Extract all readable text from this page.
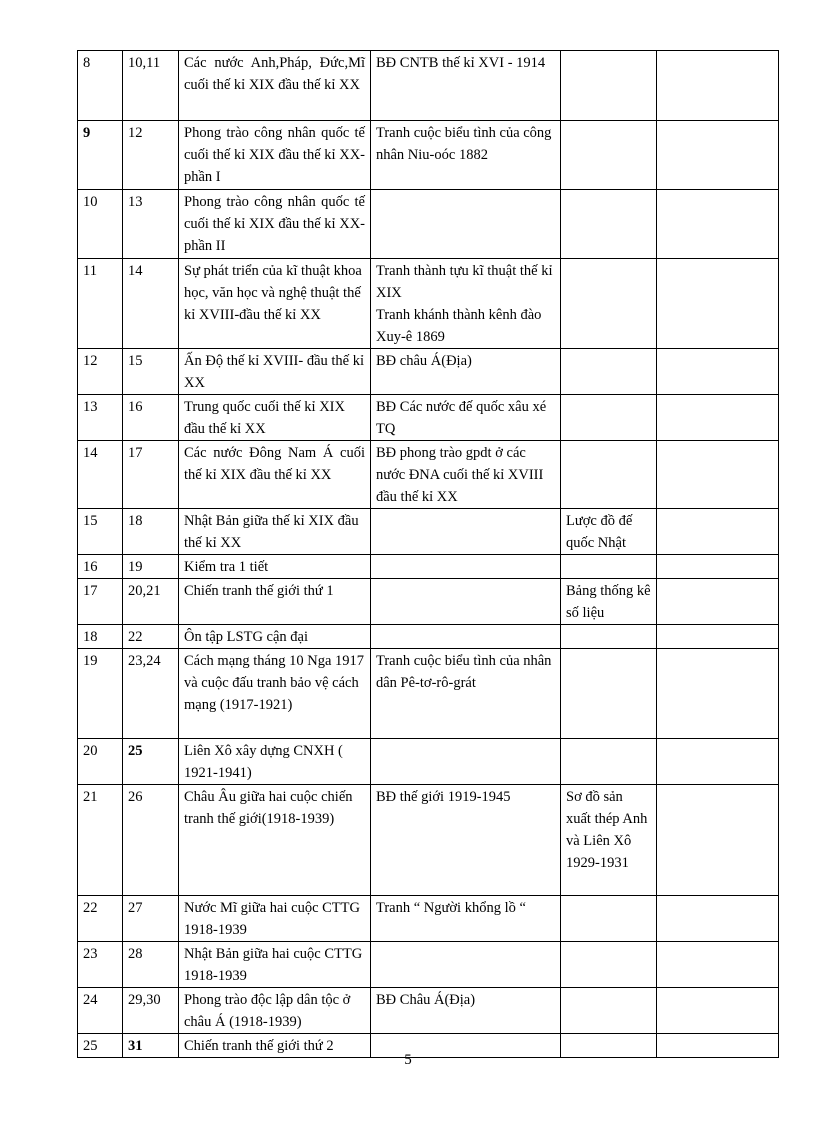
8	10,11	Các nước Anh,Pháp, Đức,Mĩ cuối thế kỉ XIX đầu thế kỉ XX	BĐ CNTB thế kỉ XVI - 1914		
9	12	Phong trào công nhân quốc tế cuối thế kỉ XIX đầu thế kỉ XX-phần I	Tranh cuộc biểu tình của công nhân Niu-oóc 1882		
10	13	Phong trào công nhân quốc tế cuối thế kỉ XIX đầu thế kỉ XX-phần II			
11	14	Sự phát triển của kĩ thuật khoa học, văn học và nghệ thuật thế kỉ XVIII-đầu thế kỉ XX	Tranh thành tựu kĩ thuật thế kỉ XIX
Tranh khánh thành kênh đào Xuy-ê 1869		
12	15	Ấn Độ thế kỉ XVIII- đầu thế kỉ XX	BĐ châu Á(Địa)		
13	16	Trung quốc cuối thế kỉ XIX đầu thế kỉ XX	BĐ Các nước đế quốc xâu xé TQ		
14	17	Các nước Đông Nam Á cuối thế kỉ XIX đầu thế kỉ XX	BĐ phong trào gpdt ở các nước ĐNA cuối thế kỉ XVIII đầu thế kỉ XX		
15	18	Nhật Bản giữa thế kỉ XIX đầu thế kỉ XX		Lược đồ đế quốc Nhật	
16	19	Kiểm tra 1 tiết			
17	20,21	Chiến tranh thế giới thứ 1		Bảng thống kê số liệu	
18	22	Ôn tập LSTG cận đại			
19	23,24	Cách mạng tháng 10 Nga 1917 và cuộc đấu tranh bảo vệ cách mạng (1917-1921)	Tranh cuộc biểu tình của nhân dân Pê-tơ-rô-grát		
20	25	Liên Xô xây dựng CNXH ( 1921-1941)			
21	26	Châu Âu giữa hai cuộc chiến tranh thế giới(1918-1939)	BĐ thế giới 1919-1945	Sơ đồ sản xuất thép Anh và Liên Xô 1929-1931	
22	27	Nước Mĩ giữa hai cuộc CTTG 1918-1939	Tranh “ Người khổng lồ “		
23	28	Nhật Bản giữa hai cuộc CTTG 1918-1939			
24	29,30	Phong trào độc lập dân tộc ở châu Á (1918-1939)	BĐ Châu Á(Địa)		
25	31	Chiến tranh thế giới thứ 2			
5
